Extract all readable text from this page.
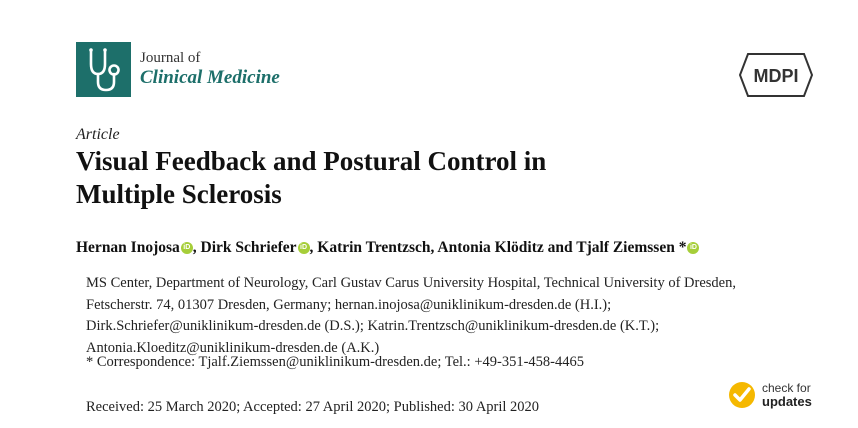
Journal of
Clinical Medicine	MDPI
Article
Visual Feedback and Postural Control in
Multiple Sclerosis
Hernan Inojosa iD , Dirk Schriefer iD , Katrin Trentzsch, Antonia Klöditz and Tjalf Ziemssen * iD
MS Center, Department of Neurology, Carl Gustav Carus University Hospital, Technical University of Dresden,
Fetscherstr. 74, 01307 Dresden, Germany; hernan.inojosa@uniklinikum-dresden.de (H.I.);
Dirk.Schriefer@uniklinikum-dresden.de (D.S.); Katrin.Trentzsch@uniklinikum-dresden.de (K.T.);
Antonia.Kloeditz@uniklinikum-dresden.de (A.K.)
* Correspondence: Tjalf.Ziemssen@uniklinikum-dresden.de; Tel.: +49-351-458-4465
Received: 25 March 2020; Accepted: 27 April 2020; Published: 30 April 2020
check for
updates
